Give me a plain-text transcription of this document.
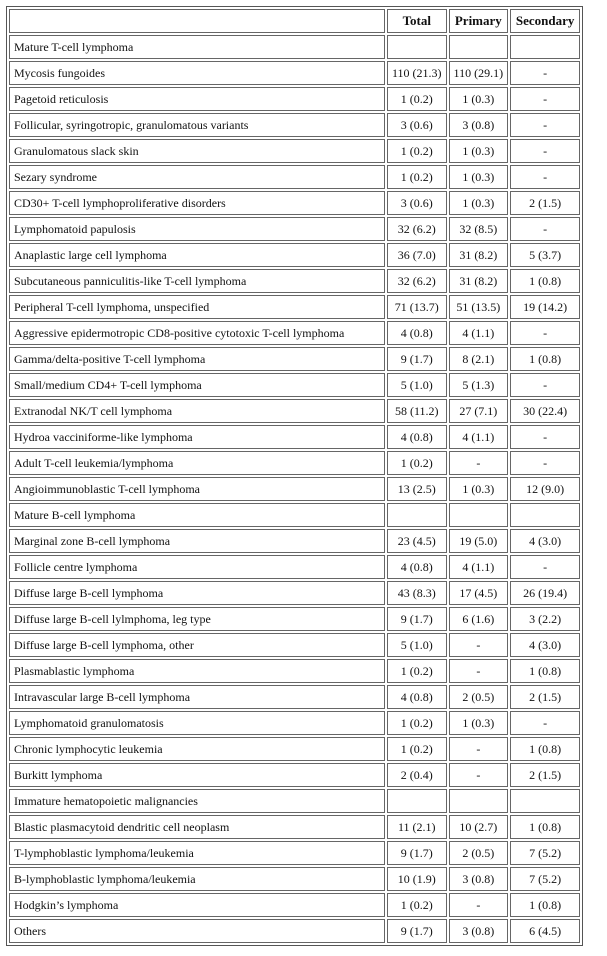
	Total	Primary	Secondary
Mature T-cell lymphoma			
Mycosis fungoides	110 (21.3)	110 (29.1)	-
Pagetoid reticulosis	1 (0.2)	1 (0.3)	-
Follicular, syringotropic, granulomatous variants	3 (0.6)	3 (0.8)	-
Granulomatous slack skin	1 (0.2)	1 (0.3)	-
Sezary syndrome	1 (0.2)	1 (0.3)	-
CD30+ T-cell lymphoproliferative disorders	3 (0.6)	1 (0.3)	2 (1.5)
Lymphomatoid papulosis	32 (6.2)	32 (8.5)	-
Anaplastic large cell lymphoma	36 (7.0)	31 (8.2)	5 (3.7)
Subcutaneous panniculitis-like T-cell lymphoma	32 (6.2)	31 (8.2)	1 (0.8)
Peripheral T-cell lymphoma, unspecified	71 (13.7)	51 (13.5)	19 (14.2)
Aggressive epidermotropic CD8-positive cytotoxic T-cell lymphoma	4 (0.8)	4 (1.1)	-
Gamma/delta-positive T-cell lymphoma	9 (1.7)	8 (2.1)	1 (0.8)
Small/medium CD4+ T-cell lymphoma	5 (1.0)	5 (1.3)	-
Extranodal NK/T cell lymphoma	58 (11.2)	27 (7.1)	30 (22.4)
Hydroa vacciniforme-like lymphoma	4 (0.8)	4 (1.1)	-
Adult T-cell leukemia/lymphoma	1 (0.2)	-	-
Angioimmunoblastic T-cell lymphoma	13 (2.5)	1 (0.3)	12 (9.0)
Mature B-cell lymphoma			
Marginal zone B-cell lymphoma	23 (4.5)	19 (5.0)	4 (3.0)
Follicle centre lymphoma	4 (0.8)	4 (1.1)	-
Diffuse large B-cell lymphoma	43 (8.3)	17 (4.5)	26 (19.4)
Diffuse large B-cell lylmphoma, leg type	9 (1.7)	6 (1.6)	3 (2.2)
Diffuse large B-cell lymphoma, other	5 (1.0)	-	4 (3.0)
Plasmablastic lymphoma	1 (0.2)	-	1 (0.8)
Intravascular large B-cell lymphoma	4 (0.8)	2 (0.5)	2 (1.5)
Lymphomatoid granulomatosis	1 (0.2)	1 (0.3)	-
Chronic lymphocytic leukemia	1 (0.2)	-	1 (0.8)
Burkitt lymphoma	2 (0.4)	-	2 (1.5)
Immature hematopoietic malignancies			
Blastic plasmacytoid dendritic cell neoplasm	11 (2.1)	10 (2.7)	1 (0.8)
T-lymphoblastic lymphoma/leukemia	9 (1.7)	2 (0.5)	7 (5.2)
B-lymphoblastic lymphoma/leukemia	10 (1.9)	3 (0.8)	7 (5.2)
Hodgkin’s lymphoma	1 (0.2)	-	1 (0.8)
Others	9 (1.7)	3 (0.8)	6 (4.5)
